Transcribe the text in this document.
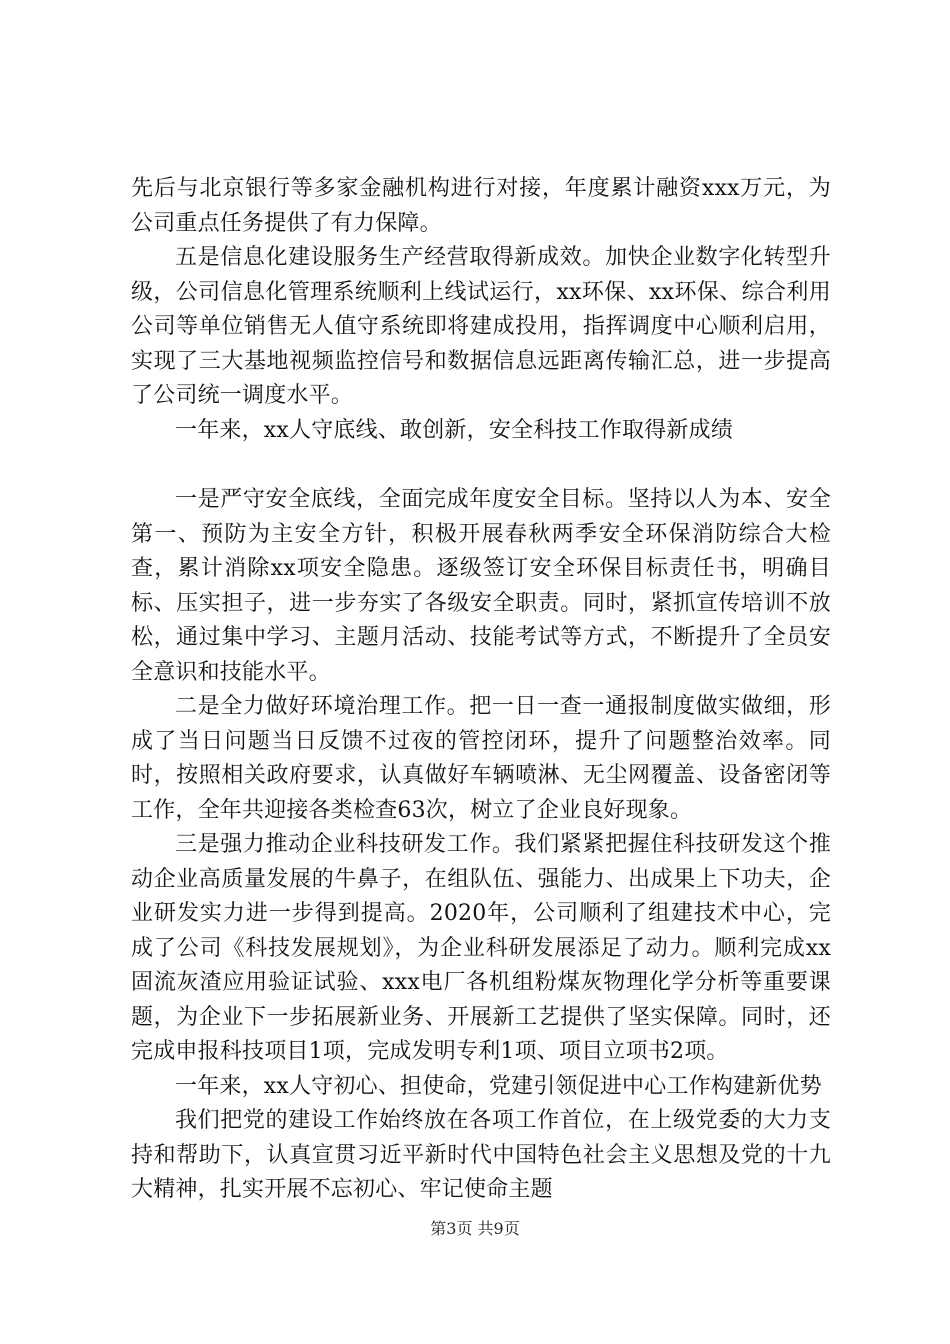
先后与北京银行等多家金融机构进行对接，年度累计融资xxx万元，为公司重点任务提供了有力保障。

五是信息化建设服务生产经营取得新成效。加快企业数字化转型升级，公司信息化管理系统顺利上线试运行，xx环保、xx环保、综合利用公司等单位销售无人值守系统即将建成投用，指挥调度中心顺利启用，实现了三大基地视频监控信号和数据信息远距离传输汇总，进一步提高了公司统一调度水平。

一年来，xx人守底线、敢创新，安全科技工作取得新成绩

一是严守安全底线，全面完成年度安全目标。坚持以人为本、安全第一、预防为主安全方针，积极开展春秋两季安全环保消防综合大检查，累计消除xx项安全隐患。逐级签订安全环保目标责任书，明确目标、压实担子，进一步夯实了各级安全职责。同时，紧抓宣传培训不放松，通过集中学习、主题月活动、技能考试等方式，不断提升了全员安全意识和技能水平。

二是全力做好环境治理工作。把一日一查一通报制度做实做细，形成了当日问题当日反馈不过夜的管控闭环，提升了问题整治效率。同时，按照相关政府要求，认真做好车辆喷淋、无尘网覆盖、设备密闭等工作，全年共迎接各类检查63次，树立了企业良好现象。

三是强力推动企业科技研发工作。我们紧紧把握住科技研发这个推动企业高质量发展的牛鼻子，在组队伍、强能力、出成果上下功夫，企业研发实力进一步得到提高。2020年，公司顺利了组建技术中心，完成了公司《科技发展规划》，为企业科研发展添足了动力。顺利完成xx固流灰渣应用验证试验、xxx电厂各机组粉煤灰物理化学分析等重要课题，为企业下一步拓展新业务、开展新工艺提供了坚实保障。同时，还完成申报科技项目1项，完成发明专利1项、项目立项书2项。

一年来，xx人守初心、担使命，党建引领促进中心工作构建新优势

我们把党的建设工作始终放在各项工作首位，在上级党委的大力支持和帮助下，认真宣贯习近平新时代中国特色社会主义思想及党的十九大精神，扎实开展不忘初心、牢记使命主题

第3页 共9页
